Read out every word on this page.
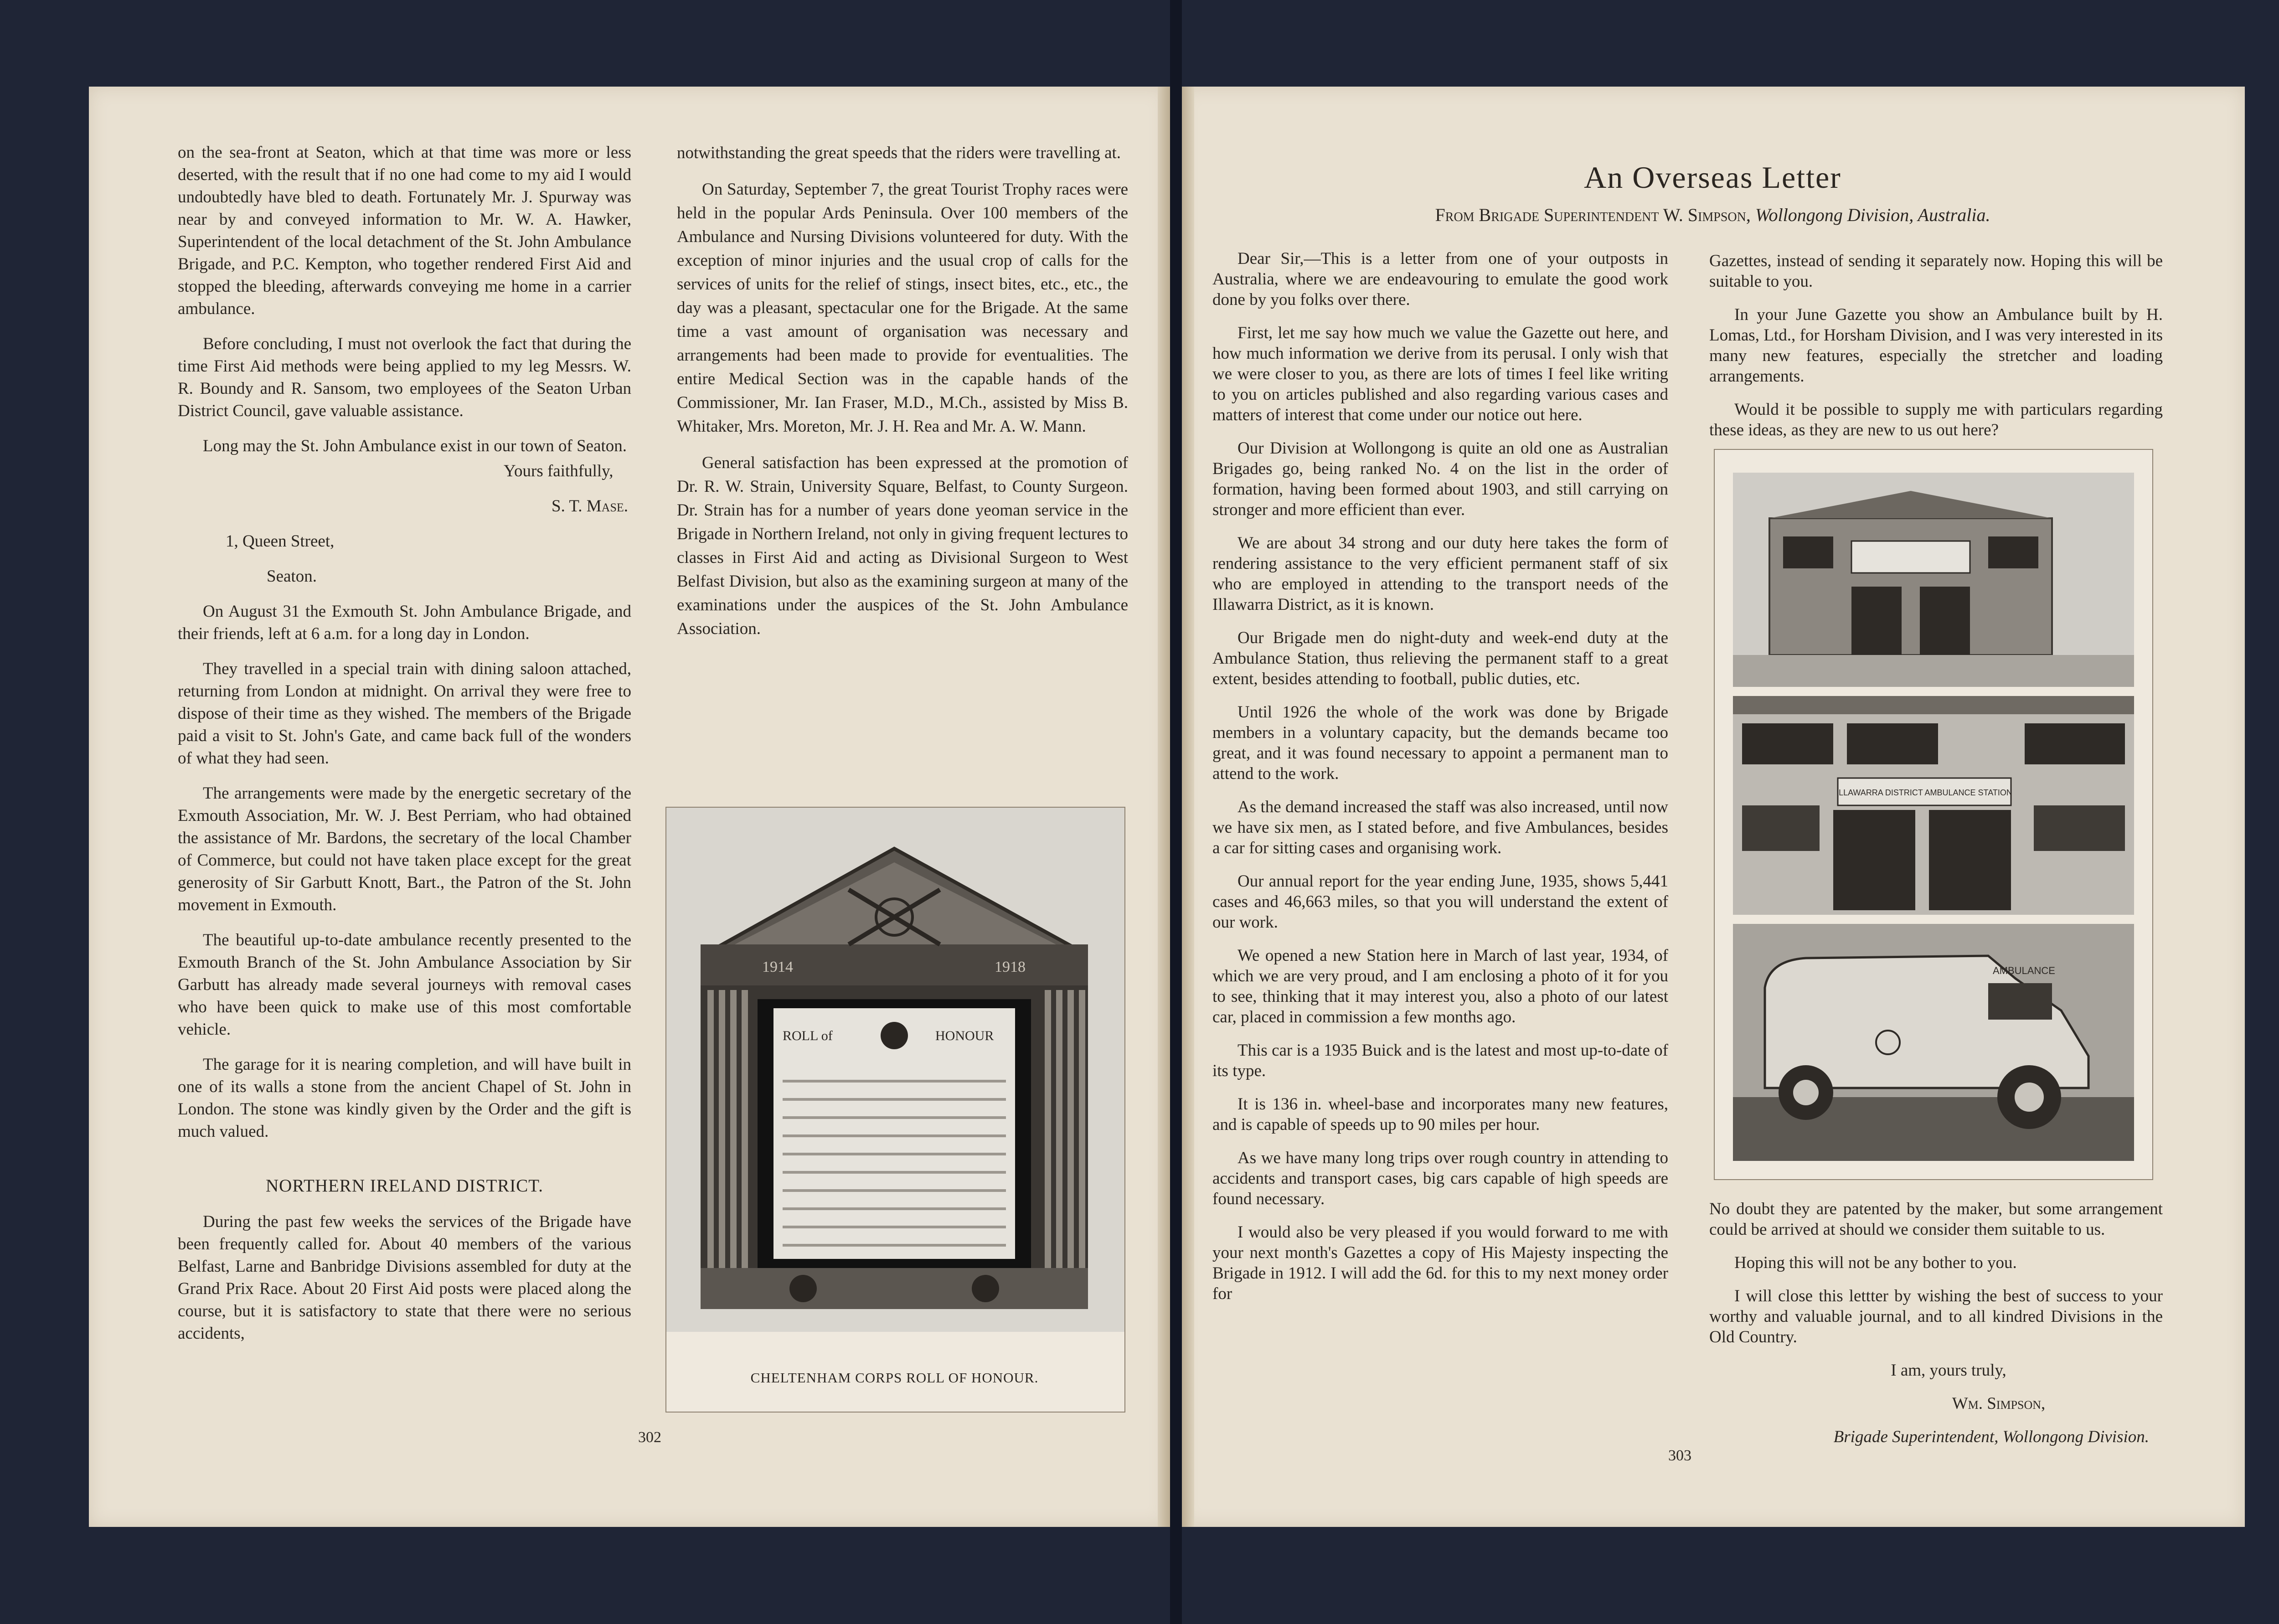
on the sea-front at Seaton, which at that time was more or less deserted, with the result that if no one had come to my aid I would undoubtedly have bled to death. Fortunately Mr. J. Spurway was near by and conveyed information to Mr. W. A. Hawker, Superintendent of the local detachment of the St. John Ambulance Brigade, and P.C. Kempton, who together rendered First Aid and stopped the bleeding, afterwards conveying me home in a carrier ambulance.

Before concluding, I must not overlook the fact that during the time First Aid methods were being applied to my leg Messrs. W. R. Boundy and R. Sansom, two employees of the Seaton Urban District Council, gave valuable assistance.

Long may the St. John Ambulance exist in our town of Seaton.

Yours faithfully,

S. T. Mase.

1, Queen Street,

Seaton.

On August 31 the Exmouth St. John Ambulance Brigade, and their friends, left at 6 a.m. for a long day in London.

They travelled in a special train with dining saloon attached, returning from London at midnight. On arrival they were free to dispose of their time as they wished. The members of the Brigade paid a visit to St. John's Gate, and came back full of the wonders of what they had seen.

The arrangements were made by the energetic secretary of the Exmouth Association, Mr. W. J. Best Perriam, who had obtained the assistance of Mr. Bardons, the secretary of the local Chamber of Commerce, but could not have taken place except for the great generosity of Sir Garbutt Knott, Bart., the Patron of the St. John movement in Exmouth.

The beautiful up-to-date ambulance recently presented to the Exmouth Branch of the St. John Ambulance Association by Sir Garbutt has already made several journeys with removal cases who have been quick to make use of this most comfortable vehicle.

The garage for it is nearing completion, and will have built in one of its walls a stone from the ancient Chapel of St. John in London. The stone was kindly given by the Order and the gift is much valued.

NORTHERN IRELAND DISTRICT.

During the past few weeks the services of the Brigade have been frequently called for. About 40 members of the various Belfast, Larne and Banbridge Divisions assembled for duty at the Grand Prix Race. About 20 First Aid posts were placed along the course, but it is satisfactory to state that there were no serious accidents,

notwithstanding the great speeds that the riders were travelling at.

On Saturday, September 7, the great Tourist Trophy races were held in the popular Ards Peninsula. Over 100 members of the Ambulance and Nursing Divisions volunteered for duty. With the exception of minor injuries and the usual crop of calls for the services of units for the relief of stings, insect bites, etc., etc., the day was a pleasant, spectacular one for the Brigade. At the same time a vast amount of organisation was necessary and arrangements had been made to provide for eventualities. The entire Medical Section was in the capable hands of the Commissioner, Mr. Ian Fraser, M.D., M.Ch., assisted by Miss B. Whitaker, Mrs. Moreton, Mr. J. H. Rea and Mr. A. W. Mann.

General satisfaction has been expressed at the promotion of Dr. R. W. Strain, University Square, Belfast, to County Surgeon. Dr. Strain has for a number of years done yeoman service in the Brigade in Northern Ireland, not only in giving frequent lectures to classes in First Aid and acting as Divisional Surgeon to West Belfast Division, but also as the examining surgeon at many of the examinations under the auspices of the St. John Ambulance Association.

1914	1918
ROLL of	HONOUR
CHELTENHAM CORPS ROLL OF HONOUR.
302
An Overseas Letter
From Brigade Superintendent W. Simpson, Wollongong Division, Australia.

Dear Sir,—This is a letter from one of your outposts in Australia, where we are endeavouring to emulate the good work done by you folks over there.

First, let me say how much we value the Gazette out here, and how much information we derive from its perusal. I only wish that we were closer to you, as there are lots of times I feel like writing to you on articles published and also regarding various cases and matters of interest that come under our notice out here.

Our Division at Wollongong is quite an old one as Australian Brigades go, being ranked No. 4 on the list in the order of formation, having been formed about 1903, and still carrying on stronger and more efficient than ever.

We are about 34 strong and our duty here takes the form of rendering assistance to the very efficient permanent staff of six who are employed in attending to the transport needs of the Illawarra District, as it is known.

Our Brigade men do night-duty and week-end duty at the Ambulance Station, thus relieving the permanent staff to a great extent, besides attending to football, public duties, etc.

Until 1926 the whole of the work was done by Brigade members in a voluntary capacity, but the demands became too great, and it was found necessary to appoint a permanent man to attend to the work.

As the demand increased the staff was also increased, until now we have six men, as I stated before, and five Ambulances, besides a car for sitting cases and organising work.

Our annual report for the year ending June, 1935, shows 5,441 cases and 46,663 miles, so that you will understand the extent of our work.

We opened a new Station here in March of last year, 1934, of which we are very proud, and I am enclosing a photo of it for you to see, thinking that it may interest you, also a photo of our latest car, placed in commission a few months ago.

This car is a 1935 Buick and is the latest and most up-to-date of its type.

It is 136 in. wheel-base and incorporates many new features, and is capable of speeds up to 90 miles per hour.

As we have many long trips over rough country in attending to accidents and transport cases, big cars capable of high speeds are found necessary.

I would also be very pleased if you would forward to me with your next month's Gazettes a copy of His Majesty inspecting the Brigade in 1912. I will add the 6d. for this to my next money order for

Gazettes, instead of sending it separately now. Hoping this will be suitable to you.

In your June Gazette you show an Ambulance built by H. Lomas, Ltd., for Horsham Division, and I was very interested in its many new features, especially the stretcher and loading arrangements.

Would it be possible to supply me with particulars regarding these ideas, as they are new to us out here?

ILLAWARRA DISTRICT AMBULANCE STATION
AMBULANCE

No doubt they are patented by the maker, but some arrangement could be arrived at should we consider them suitable to us.

Hoping this will not be any bother to you.

I will close this lettter by wishing the best of success to your worthy and valuable journal, and to all kindred Divisions in the Old Country.

I am, yours truly,

Wm. Simpson,

Brigade Superintendent, Wollongong Division.

303
